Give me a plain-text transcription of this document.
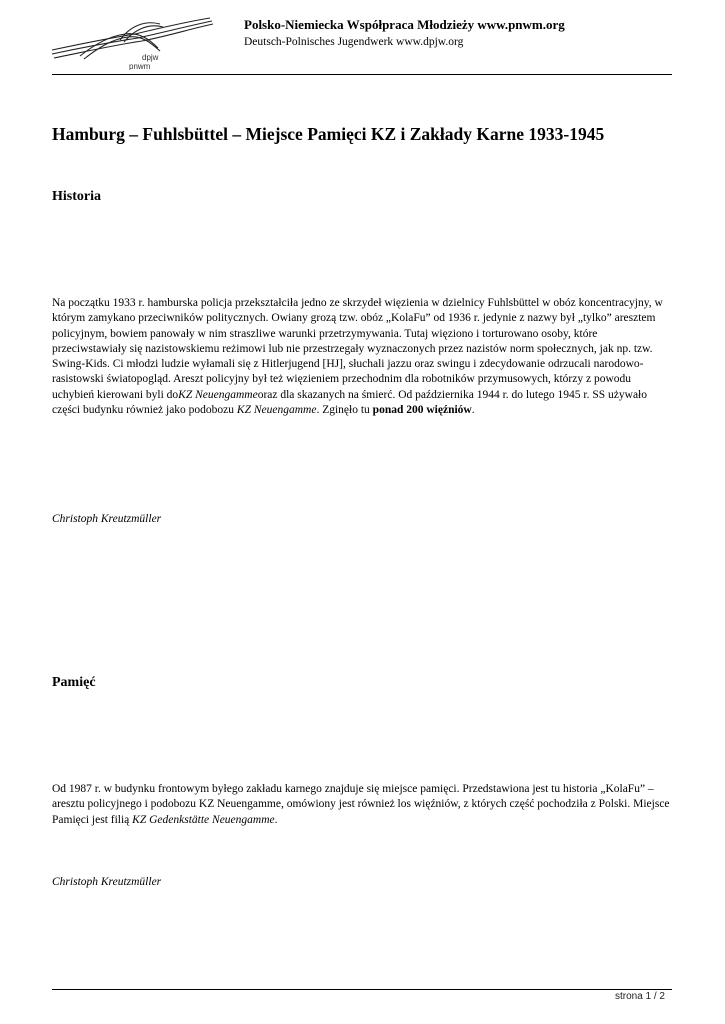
dpjw
pnwm
Polsko-Niemiecka Współpraca Młodzieży www.pnwm.org
Deutsch-Polnisches Jugendwerk www.dpjw.org
Hamburg – Fuhlsbüttel – Miejsce Pamięci KZ i Zakłady Karne 1933-1945
Historia

Na początku 1933 r. hamburska policja przekształciła jedno ze skrzydeł więzienia w dzielnicy Fuhlsbüttel w obóz koncentracyjny, w którym zamykano przeciwników politycznych. Owiany grozą tzw. obóz „KolaFu” od 1936 r. jedynie z nazwy był „tylko” aresztem policyjnym, bowiem panowały w nim straszliwe warunki przetrzymywania. Tutaj więziono i torturowano osoby, które przeciwstawiały się nazistowskiemu reżimowi lub nie przestrzegały wyznaczonych przez nazistów norm społecznych, jak np. tzw. Swing-Kids. Ci młodzi ludzie wyłamali się z Hitlerjugend [HJ], słuchali jazzu oraz swingu i zdecydowanie odrzucali narodowo-rasistowski światopogląd. Areszt policyjny był też więzieniem przechodnim dla robotników przymusowych, którzy z powodu uchybień kierowani byli doKZ Neuengammeoraz dla skazanych na śmierć. Od października 1944 r. do lutego 1945 r. SS używało części budynku również jako podobozu KZ Neuengamme. Zginęło tu ponad 200 więźniów.

Christoph Kreutzmüller

Pamięć

Od 1987 r. w budynku frontowym byłego zakładu karnego znajduje się miejsce pamięci. Przedstawiona jest tu historia „KolaFu” – aresztu policyjnego i podobozu KZ Neuengamme, omówiony jest również los więźniów, z których część pochodziła z Polski. Miejsce Pamięci jest filią KZ Gedenkstätte Neuengamme.

Christoph Kreutzmüller

strona 1 / 2
